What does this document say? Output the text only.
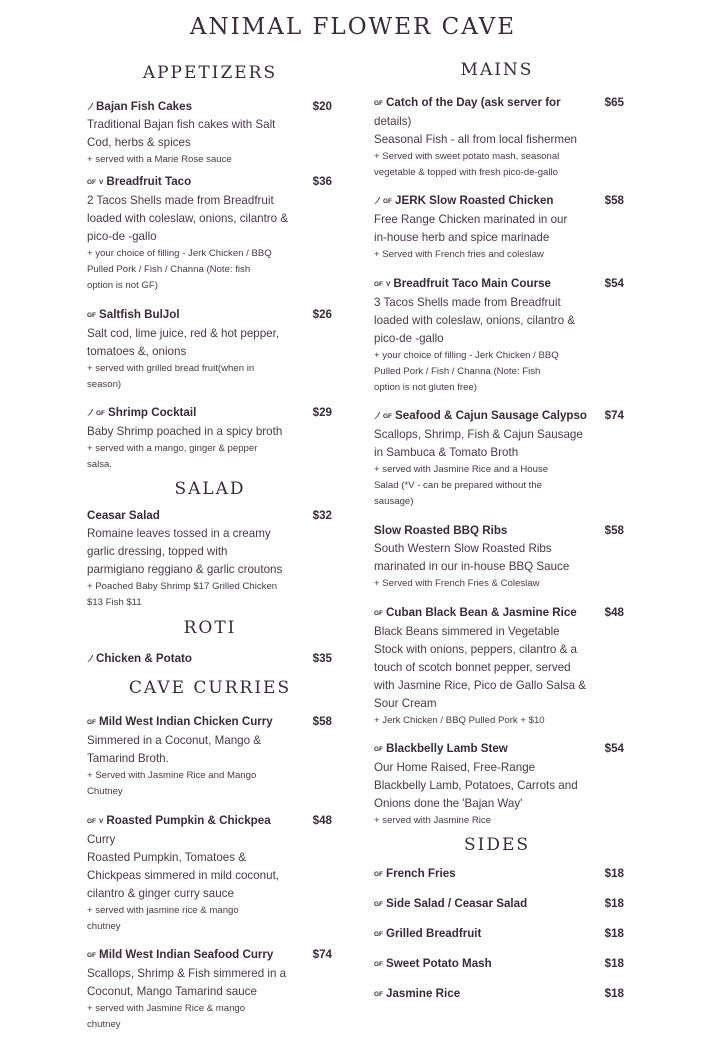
ANIMAL FLOWER CAVE
APPETIZERS
Bajan Fish Cakes	$20
Traditional Bajan fish cakes with Salt
Cod, herbs & spices
+ served with a Marie Rose sauce
GF V Breadfruit Taco	$36
2 Tacos Shells made from Breadfruit
loaded with coleslaw, onions, cilantro &
pico-de -gallo
+ your choice of filling - Jerk Chicken / BBQ
Pulled Pork / Fish / Channa (Note: fish
option is not GF)
GF Saltfish BulJol	$26
Salt cod, lime juice, red & hot pepper,
tomatoes &, onions
+ served with grilled bread fruit(when in
season)
GF Shrimp Cocktail	$29
Baby Shrimp poached in a spicy broth
+ served with a mango, ginger & pepper
salsa.
SALAD
Ceasar Salad	$32
Romaine leaves tossed in a creamy
garlic dressing, topped with
parmigiano reggiano & garlic croutons
+ Poached Baby Shrimp $17 Grilled Chicken
$13 Fish $11
ROTI
Chicken & Potato	$35
CAVE CURRIES
GF Mild West Indian Chicken Curry	$58
Simmered in a Coconut, Mango &
Tamarind Broth.
+ Served with Jasmine Rice and Mango
Chutney
GF V Roasted Pumpkin & Chickpea	$48
Curry
Roasted Pumpkin, Tomatoes &
Chickpeas simmered in mild coconut,
cilantro & ginger curry sauce
+ served with jasmine rice & mango
chutney
GF Mild West Indian Seafood Curry	$74
Scallops, Shrimp & Fish simmered in a
Coconut, Mango Tamarind sauce
+ served with Jasmine Rice & mango
chutney
MAINS
GF Catch of the Day (ask server for	$65
details)
Seasonal Fish - all from local fishermen
+ Served with sweet potato mash, seasonal
vegetable & topped with fresh pico-de-gallo
GF JERK Slow Roasted Chicken	$58
Free Range Chicken marinated in our
in-house herb and spice marinade
+ Served with French fries and coleslaw
GF V Breadfruit Taco Main Course	$54
3 Tacos Shells made from Breadfruit
loaded with coleslaw, onions, cilantro &
pico-de -gallo
+ your choice of filling - Jerk Chicken / BBQ
Pulled Pork / Fish / Channa (Note: Fish
option is not gluten free)
GF Seafood & Cajun Sausage Calypso	$74
Scallops, Shrimp, Fish & Cajun Sausage
in Sambuca & Tomato Broth
+ served with Jasmine Rice and a House
Salad (*V - can be prepared without the
sausage)
Slow Roasted BBQ Ribs	$58
South Western Slow Roasted Ribs
marinated in our in-house BBQ Sauce
+ Served with French Fries & Coleslaw
GF Cuban Black Bean & Jasmine Rice	$48
Black Beans simmered in Vegetable
Stock with onions, peppers, cilantro & a
touch of scotch bonnet pepper, served
with Jasmine Rice, Pico de Gallo Salsa &
Sour Cream
+ Jerk Chicken / BBQ Pulled Pork + $10
GF Blackbelly Lamb Stew	$54
Our Home Raised, Free-Range
Blackbelly Lamb, Potatoes, Carrots and
Onions done the 'Bajan Way'
+ served with Jasmine Rice
SIDES
GF French Fries	$18
GF Side Salad / Ceasar Salad	$18
GF Grilled Breadfruit	$18
GF Sweet Potato Mash	$18
GF Jasmine Rice	$18
